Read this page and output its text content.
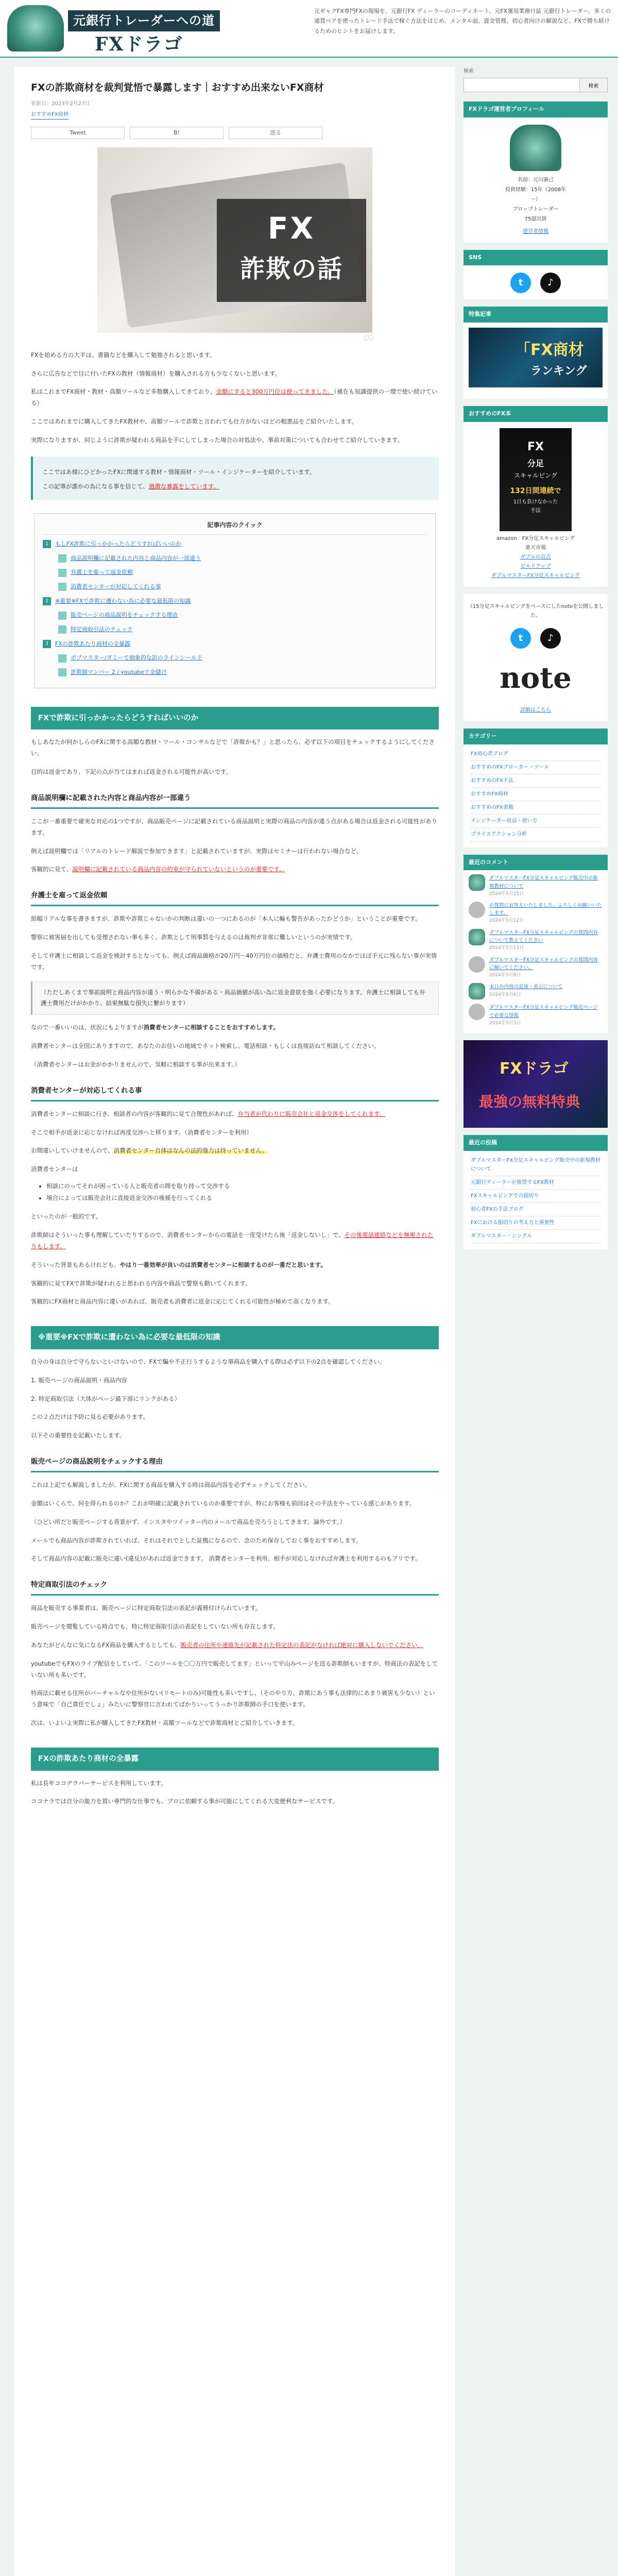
元銀行トレーダーへの道
FXドラゴ
元ギャグFX専門FXの現場を、元銀行FX ディーラーのコーディネート。元FX運用業務日誌 元銀行トレーダー、多くの通貨ペアを使ったトレード手法で稼ぐ方法をはじめ、メンタル面、資金管理、初心者向けの解説など、FXで勝ち続けるためのヒントをお届けします。
FXの詐欺商材を裁判覚悟で暴露します｜おすすめ出来ないFX商材
更新日：2023年2月27日
おすすめFX商材
Tweet	B!	送る
FX
詐欺の話
〇〇

FXを始める方の大半は、書籍などを購入して勉強されると思います。

さらに広告などで目に付いたFXの教材（情報商材）を購入される方も少なくないと思います。

私はこれまでFX商材・教材・高額ツールなど多数購入してきており、金額にすると300万円位は使ってきました。（補在も知識提供の一環で使い続けている）

ここではあれまでに購入してきたFX教材や、高額ツールで詐欺と言われても仕方がないほどの粗悪品をご紹介いたします。

実際になりますが、同じように詐欺が疑われる商品を手にしてしまった場合の対処法や、事前対策についても合わせてご紹介していきます。

ここではあ様にひどかったFXに関連する教材・情報商材・ツール・インジケーターを紹介しています。

この記事が誰かの為になる事を信じて、過激な暴露をしています。

記事内容のクイック
1	もしFX詐欺に引っかかったらどうすればいいのか
商品説明欄に記載された内容と商品内容が一部違う
弁護士を雇って返金依頼
消費者センターが対応してくれる事
2	※重要※FXで詐欺に遭わない為に必要な最低限の知識
販売ページの商品説明をチェックする理由
特定商取引法のチェック
3	FXの詐欺あたり商材の全暴露
ボブマスター/ダミーで抽象的な訳のラインシールド
詐欺師マンバー 2 / youtubeで金儲け
FXで詐欺に引っかかったらどうすればいいのか

もしあなたが何かしらのFXに関する高額な教材・ツール・コンサルなどで「詐欺かも？」と思ったら、必ず以下の項目をチェックするようにしてください。

目的は返金であり、下記の点が当てはまれば返金される可能性が高いです。

商品説明欄に記載された内容と商品内容が一部違う

ここが一番重要で確実な対応の1つですが、商品販売ページに記載されている商品説明と実際の商品の内容が違う点がある場合は返金される可能性があります。

例えば説明欄では「リアルのトレード解説で参加できます」と記載されていますが、実際はセミナーは行われない場合など。

客観的に見て、説明欄に記載されている商品内容の約束が守られていないというのが重要です。

弁護士を雇って返金依頼

紙幅リアルな事を書きますが、詐欺や詐欺じゃないかの判断は違いの一つにあるのが「本人に輪も警告があったかどうか」ということが重要です。

警察に被害届を出しても受理されない事も多く、詐欺として刑事罰を与えるのは裁判ガ非常に難しいというのが実情です。

そして弁護士に相談して返金を検討するとなっても、例えば商品価格が20万円〜40万円位の価格だと、弁護士費用のなかでほぼ手元に残らない事が実情です。

（ただしあくまで事前説明と商品内容が違う・明らかな不備がある・商品価値が高い為に返金意欲を強く必要になります。弁護士に相談しても弁護士費用だけがかかり、結果無駄な損失に繋がります）

なので一番いいのは、状況にもよりますが消費者センターに相談することをおすすめします。

消費者センターは全国にありますので、あなたのお住いの地域でネット検索し、電話相談・もしくは直接訪ねて相談してください。

（消費者センターはお金がかかりませんので、気軽に相談する事が出来ます。）

消費者センターが対応してくれる事

消費者センターに相談に行き、相談者の内容が客観的に見て合理性があれば、弁当者が代わりに販売会社と返金交渉をしてくれます。

そこで相手が返金に応じなければ再度交渉へと移ります。（消費者センターを利用）

お間違いしていけませんので、消費者センター自体はなんの法的強力は持っていません。

消費者センターは

• 相談にのってそれが困っている人と販売者の間を取り持って交渉する
• 場合によっては販売会社に直接返金交渉の後援を行ってくれる

といったのが一般的です。

詐欺師はそういった事も理解していたりするので、消費者センターからの電話を一度受けたら後「返金しないし」で、その後電話連絡などを無視されたりもします。

そういった背景もあるけれども、やはり一番効率が良いのは消費者センターに相談するのが一番だと思います。

客観的に見てFXで詐欺が疑われると思われる内容や商品で警察も動いてくれます。

客観的にFX商材と商品内容に違いがあれば、販売者も消費者に返金に応じてくれる可能性が極めて高くなります。

※重要※FXで詐欺に遭わない為に必要な最低限の知識

自分の身は自分で守らないといけないので、FXで騙や不正行うするような事商品を購入する際は必ず以下の2点を確認してください。

1. 販売ページの商品説明・商品内容

2. 特定商取引法（大体がページ最下部にリンクがある）

この２点だけは予防に見る必要があります。

以下その重要性を記載いたします。

販売ページの商品説明をチェックする理由

これは上記でも解説しましたが、FXに関する商品を購入する時は商品内容を必ずチェックしてください。

金額はいくらで、何を得られるのか？これが明確に記載されているのか重要ですが、特にお客様も前回はその手法をやっている感じがあります。

（ひどい所だと販売ページする背景がず、インスタやツイッター内のメールで商品を売ろうとしてきます。論外です。）

メールでも商品内容が詐欺されていれば、それはそれでとした証拠になるので、念のため保存しておく事をおすすめします。

そして商品内容の記載に販売に違い(違反)があれば返金できます。 消費者センターを利用、相手が対応しなければ弁護士を利用するのもアリです。

特定商取引法のチェック

商品を販売する事業者は、販売ページに特定商取引法の表記が義務付けられています。

販売ページを閲覧している時点でも、特に特定商取引法の表記をしていない所も存在します。

あなたがどんなに気になるFX商品を購入するとしても、販売者の住所や連絡先が記載された特定法の表記がなければ絶対に購入しないでください。

youtubeでもFXのライブ配信をしていて、「このツールを〇〇万円で販売してます」といって宇山みページを送る詐欺師もいますが、特商法の表記をしていない所も多いです。

特商法に載せる住所がバーチャルなや住所がない(リモートのみ)可能性も多いですし、（そのやり方、詐欺にあう事も法律的にあまり被害も少ない）という意味で「自己責任でしょ」みたいに警察官に言われてばかりいってうっかり詐欺師の手口を使います。

次は、いよいよ実際に私が購入してきたFX教材・高額ツールなどで詐欺商材とご紹介していきます。

FXの詐欺あたり商材の全暴露

私は長年ココデラパーサービスを利用しています。

ココナラでは自分の能力を買い専門的な仕事でも、プロに依頼する事が可能にしてくれる大変便利なサービスです。

検索
検索
FXドラゴ運営者プロフィール
名前：元川廣己
投資経験：15年（2008年
〜）
ブロップトレーダー
75億出資
運営者情報
SNS
t	♪
特集記事
「FX商材
ランキング
おすすめのFX本
FX
分足
スキャルピング
132日間連続で
1日も負けなかった
手法
amazon　FX分足スキャルピング
楽天市場
ダブルの盲点
ビルドアップ
ダブルマスターFX分足スキャルピング
（15分足スキャルピングをベースにしたnoteを公開しました。
t	♪
note
詳細はこちら
カテゴリー
FX初心者ブログ
おすすめのFXブローカー・ツール
おすすめのFX手法
おすすめFX商材
おすすめのFX書籍
インジケーター収益・使い方
プライスアクション分析
最近のコメント
ダブルマスターFX分足スキャルピング販売中の新規教材について
2024年5月15日
の質問にお答えいたしました。よろしくお願いいたします。
2024年5月12日
ダブルマスターFX分足スキャルピングの質問内容について教えてください
2024年5月13日
ダブルマスターFX分足スキャルピングの質問内容に解いてください。
2024年5月8日
本日の内容の追加・表示について
2024年5月6日
ダブルマスターFX分足スキャルピング販売ページで必要な情報
2024年5月3日
FXドラゴ
最強の無料特典
最近の投稿
ダブルマスターFX分足スキャルピング販売中の新規教材について
元銀行ディーラーが推奨するFX教材
FXスキャルピングでの損切り
初心者FXの手法ブログ
FXにおける損切りの考え方と重要性
ダブルマスター・シングル
